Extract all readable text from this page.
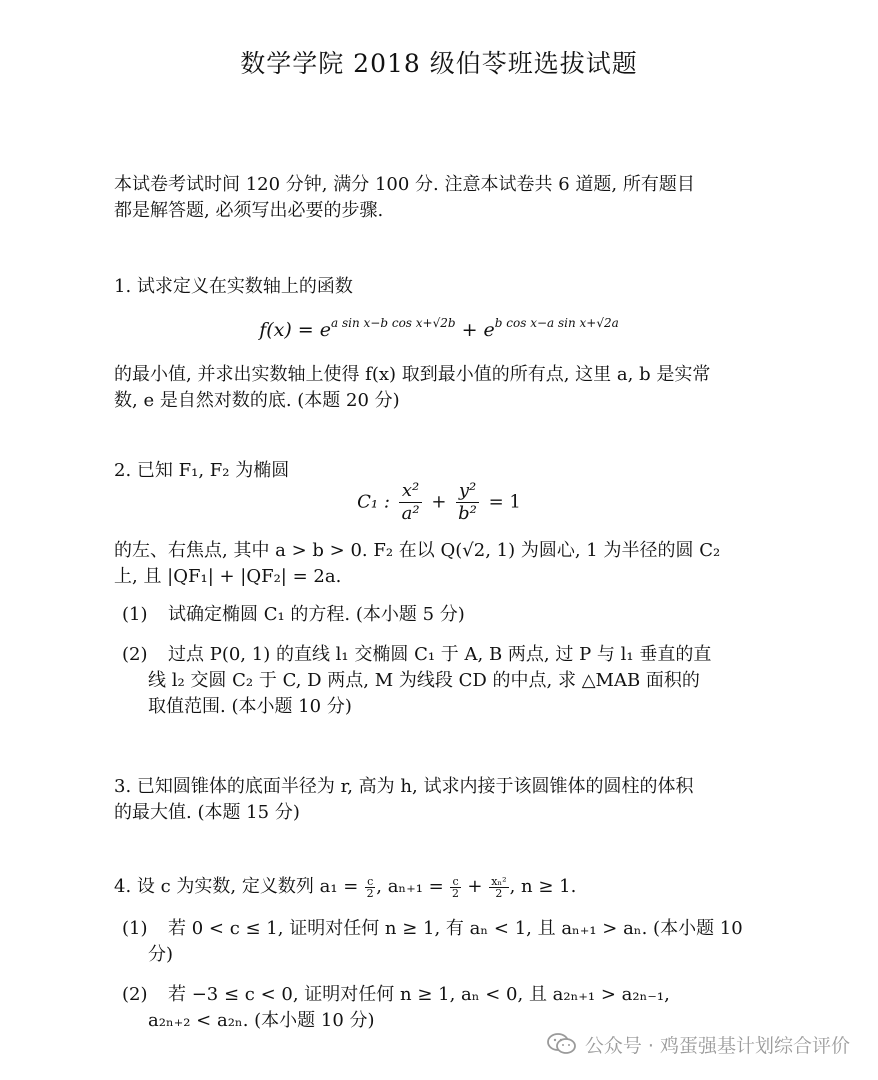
数学学院 2018 级伯苓班选拔试题
本试卷考试时间 120 分钟, 满分 100 分. 注意本试卷共 6 道题, 所有题目
都是解答题, 必须写出必要的步骤.
1. 试求定义在实数轴上的函数
$f(x) = e^{a sin x-b cos x+√2b} + e^{b cos x-a sin x+√2a}$
的最小值, 并求出实数轴上使得 f(x) 取到最小值的所有点, 这里 a, b 是实常
数, e 是自然对数的底. (本题 20 分)
2. 已知 F₁, F₂ 为椭圆
C₁ : $\frac{\text{x²}}{\text{a²}} + \frac{\text{y²}}{\text{b²}} = 1$
的左、右焦点, 其中 a > b > 0. F₂ 在以 Q(√2, 1) 为圆心, 1 为半径的圆 C₂
上, 且 |QF₁| + |QF₂| = 2a.
(1) 试确定椭圆 C₁ 的方程. (本小题 5 分)
(2) 过点 P(0, 1) 的直线 l₁ 交椭圆 C₁ 于 A, B 两点, 过 P 与 l₁ 垂直的直
线 l₂ 交圆 C₂ 于 C, D 两点, M 为线段 CD 的中点, 求 △MAB 面积的
取值范围. (本小题 10 分)
3. 已知圆锥体的底面半径为 r, 高为 h, 试求内接于该圆锥体的圆柱的体积
的最大值. (本题 15 分)
4. 设 c 为实数, 定义数列 $a_1 = \frac{c}{2}$ , $a_{n+1} = \frac{c}{2} + \frac{\text{xₙ²}}{2}$ , n ≥ 1.
(1) 若 0 < c ≤ 1, 证明对任何 n ≥ 1, 有 aₙ < 1, 且 aₙ₊₁ > aₙ. (本小题 10
分)
(2) 若 −3 ≤ c < 0, 证明对任何 n ≥ 1, aₙ < 0, 且 a₂ₙ₊₁ > a₂ₙ₋₁,
a₂ₙ₊₂ < a₂ₙ. (本小题 10 分)
公众号 · 鸡蛋强基计划综合评价
